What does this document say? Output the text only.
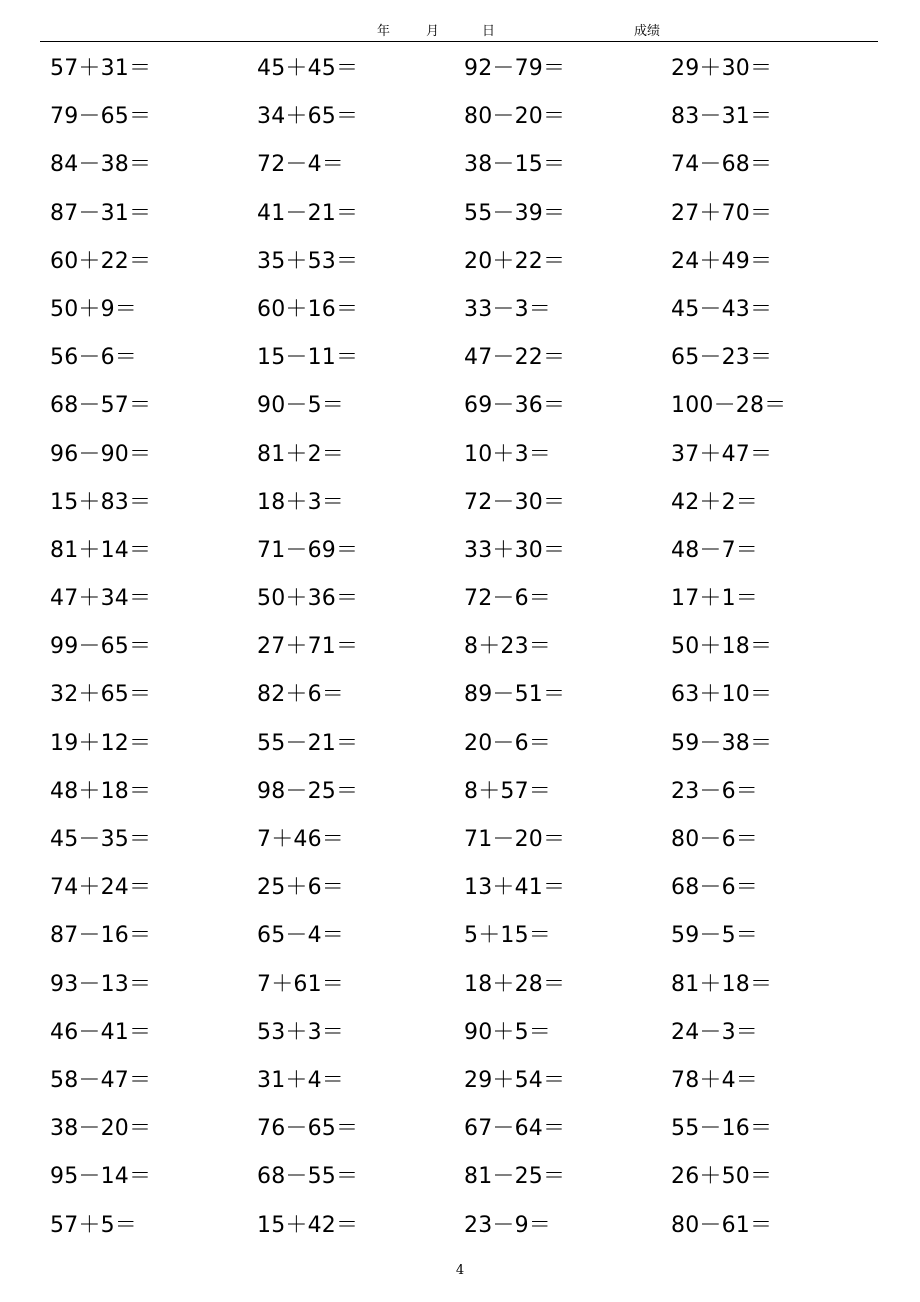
年	月	日	成绩
57＋31＝	45＋45＝	92－79＝	29＋30＝
79－65＝	34＋65＝	80－20＝	83－31＝
84－38＝	72－4＝	38－15＝	74－68＝
87－31＝	41－21＝	55－39＝	27＋70＝
60＋22＝	35＋53＝	20＋22＝	24＋49＝
50＋9＝	60＋16＝	33－3＝	45－43＝
56－6＝	15－11＝	47－22＝	65－23＝
68－57＝	90－5＝	69－36＝	100－28＝
96－90＝	81＋2＝	10＋3＝	37＋47＝
15＋83＝	18＋3＝	72－30＝	42＋2＝
81＋14＝	71－69＝	33＋30＝	48－7＝
47＋34＝	50＋36＝	72－6＝	17＋1＝
99－65＝	27＋71＝	8＋23＝	50＋18＝
32＋65＝	82＋6＝	89－51＝	63＋10＝
19＋12＝	55－21＝	20－6＝	59－38＝
48＋18＝	98－25＝	8＋57＝	23－6＝
45－35＝	7＋46＝	71－20＝	80－6＝
74＋24＝	25＋6＝	13＋41＝	68－6＝
87－16＝	65－4＝	5＋15＝	59－5＝
93－13＝	7＋61＝	18＋28＝	81＋18＝
46－41＝	53＋3＝	90＋5＝	24－3＝
58－47＝	31＋4＝	29＋54＝	78＋4＝
38－20＝	76－65＝	67－64＝	55－16＝
95－14＝	68－55＝	81－25＝	26＋50＝
57＋5＝	15＋42＝	23－9＝	80－61＝
4
